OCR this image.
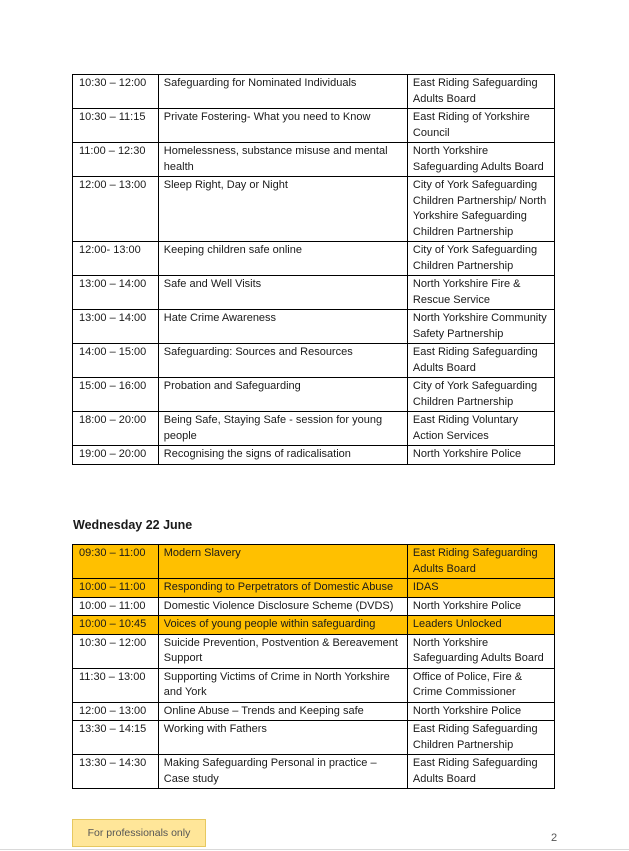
10:30 – 12:00	Safeguarding for Nominated Individuals	East Riding Safeguarding Adults Board
10:30 – 11:15	Private Fostering- What you need to Know	East Riding of Yorkshire Council
11:00 – 12:30	Homelessness, substance misuse and mental health	North Yorkshire Safeguarding Adults Board
12:00 – 13:00	Sleep Right, Day or Night	City of York Safeguarding Children Partnership/ North Yorkshire Safeguarding Children Partnership
12:00- 13:00	Keeping children safe online	City of York Safeguarding Children Partnership
13:00 – 14:00	Safe and Well Visits	North Yorkshire Fire & Rescue Service
13:00 – 14:00	Hate Crime Awareness	North Yorkshire Community Safety Partnership
14:00 – 15:00	Safeguarding: Sources and Resources	East Riding Safeguarding Adults Board
15:00 – 16:00	Probation and Safeguarding	City of York Safeguarding Children Partnership
18:00 – 20:00	Being Safe, Staying Safe - session for young people	East Riding Voluntary Action Services
19:00 – 20:00	Recognising the signs of radicalisation	North Yorkshire Police
Wednesday 22 June
09:30 – 11:00	Modern Slavery	East Riding Safeguarding Adults Board
10:00 – 11:00	Responding to Perpetrators of Domestic Abuse	IDAS
10:00 – 11:00	Domestic Violence Disclosure Scheme (DVDS)	North Yorkshire Police
10:00 – 10:45	Voices of young people within safeguarding	Leaders Unlocked
10:30 – 12:00	Suicide Prevention, Postvention & Bereavement Support	North Yorkshire Safeguarding Adults Board
11:30 – 13:00	Supporting Victims of Crime in North Yorkshire and York	Office of Police, Fire & Crime Commissioner
12:00 – 13:00	Online Abuse – Trends and Keeping safe	North Yorkshire Police
13:30 – 14:15	Working with Fathers	East Riding Safeguarding Children Partnership
13:30 – 14:30	Making Safeguarding Personal in practice – Case study	East Riding Safeguarding Adults Board
For professionals only	2
